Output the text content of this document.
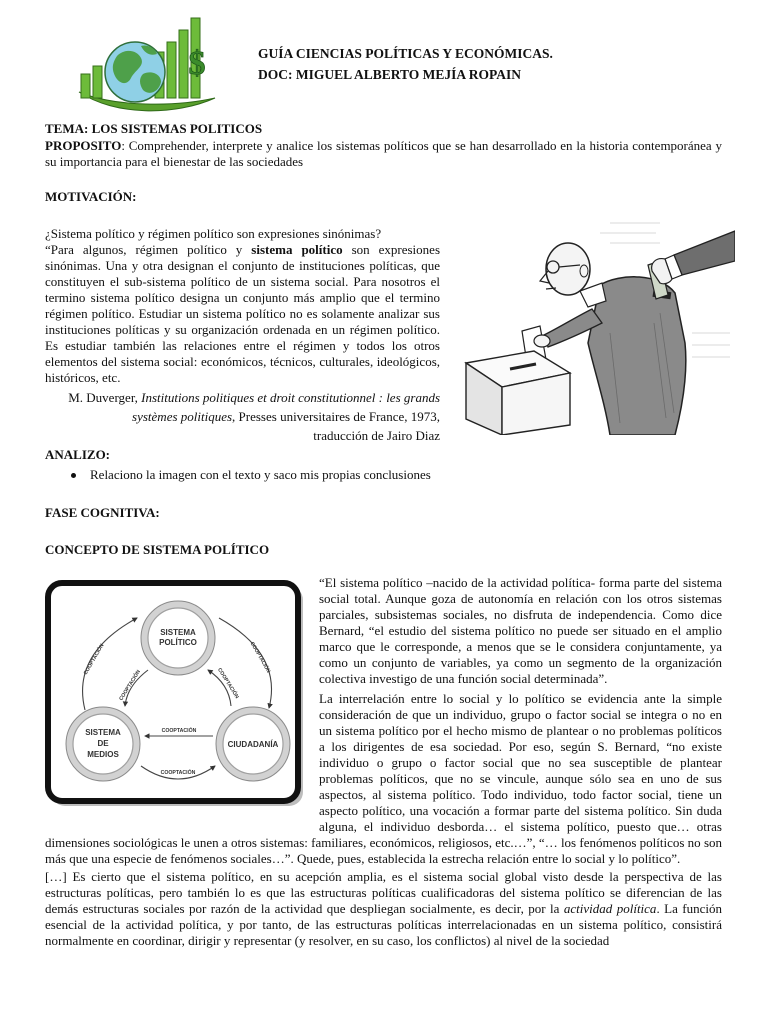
$	GUÍA CIENCIAS POLÍTICAS Y ECONÓMICAS.
DOC: MIGUEL ALBERTO MEJÍA ROPAIN
TEMA: LOS SISTEMAS POLITICOS

PROPOSITO: Comprehender, interprete y analice los sistemas políticos que se han desarrollado en la historia contemporánea y su importancia para el bienestar de las sociedades

MOTIVACIÓN:

¿Sistema político y régimen político son expresiones sinónimas?

“Para algunos, régimen político y sistema político son expresiones sinónimas. Una y otra designan el conjunto de instituciones políticas, que constituyen el sub-sistema político de un sistema social. Para nosotros el termino sistema político designa un conjunto más amplio que el termino régimen político. Estudiar un sistema político no es solamente analizar sus instituciones políticas y su organización ordenada en un régimen político. Es estudiar también las relaciones entre el régimen y todos los otros elementos del sistema social: económicos, técnicos, culturales, ideológicos, históricos, etc.

M. Duverger, Institutions politiques et droit constitutionnel : les grands systèmes politiques, Presses universitaires de France, 1973,

traducción de Jairo Diaz

ANALIZO:
Relaciono la imagen con el texto y saco mis propias conclusiones
FASE COGNITIVA:
CONCEPTO DE SISTEMA POLÍTICO
COOPTACIÓN
COOPTACIÓN
COOPTACIÓN
COOPTACIÓN
COOPTACIÓN
COOPTACIÓN
SISTEMA
POLÍTICO
SISTEMA
DE
MEDIOS
CIUDADANÍA

“El sistema político –nacido de la actividad política- forma parte del sistema social total. Aunque goza de autonomía en relación con los otros sistemas parciales, subsistemas sociales, no disfruta de independencia. Como dice Bernard, “el estudio del sistema político no puede ser situado en el amplio marco que le corresponde, a menos que se le considera conjuntamente, ya como un conjunto de variables, ya como un segmento de la organización colectiva investigo de una función social determinada”.

La interrelación entre lo social y lo político se evidencia ante la simple consideración de que un individuo, grupo o factor social se integra o no en un sistema político por el hecho mismo de plantear o no problemas políticos a los dirigentes de esa sociedad. Por eso, según S. Bernard, “no existe individuo o grupo o factor social que no sea susceptible de plantear problemas políticos, que no se vincule, aunque sólo sea en uno de sus aspectos, al sistema político. Todo individuo, todo factor social, tiene un aspecto político, una vocación a formar parte del sistema político. Sin duda alguna, el individuo desborda… el sistema político, puesto que… otras dimensiones sociológicas le unen a otros sistemas: familiares, económicos, religiosos, etc.…”, “… los fenómenos políticos no son más que una especie de fenómenos sociales…”. Quede, pues, establecida la estrecha relación entre lo social y lo político”.

[…] Es cierto que el sistema político, en su acepción amplia, es el sistema social global visto desde la perspectiva de las estructuras políticas, pero también lo es que las estructuras políticas cualificadoras del sistema político se diferencian de las demás estructuras sociales por razón de la actividad que despliegan socialmente, es decir, por la actividad política. La función esencial de la actividad política, y por tanto, de las estructuras políticas interrelacionadas en un sistema político, consistirá normalmente en coordinar, dirigir y representar (y resolver, en su caso, los conflictos) al nivel de la sociedad
